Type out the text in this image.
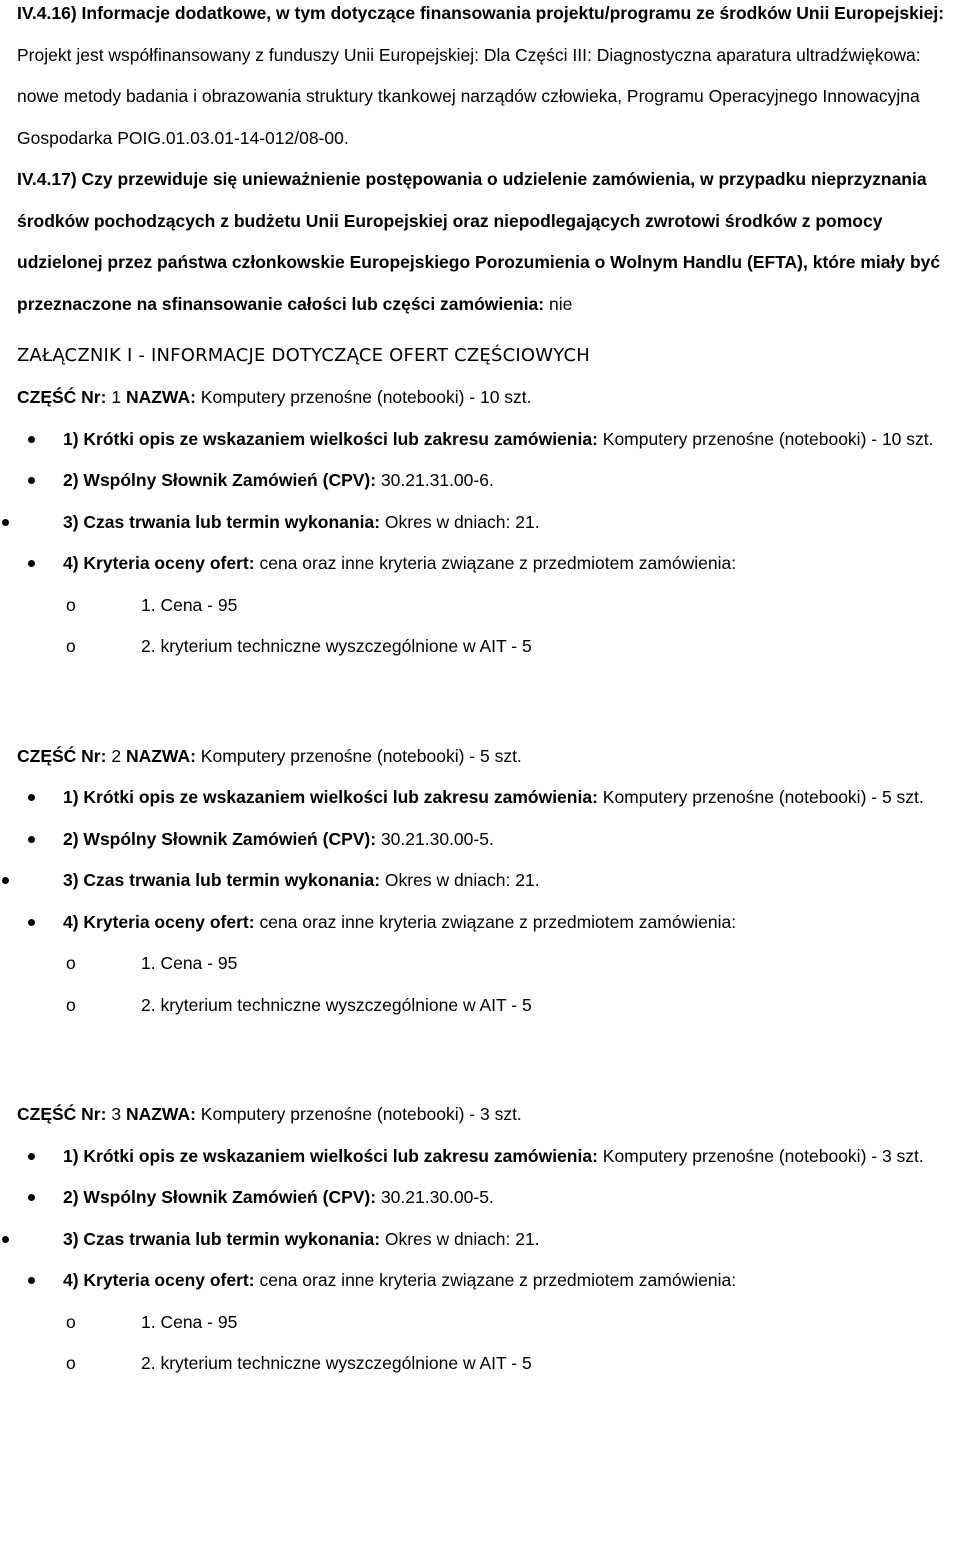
IV.4.16) Informacje dodatkowe, w tym dotyczące finansowania projektu/programu ze środków Unii Europejskiej: Projekt jest współfinansowany z funduszy Unii Europejskiej: Dla Części III: Diagnostyczna aparatura ultradźwiękowa: nowe metody badania i obrazowania struktury tkankowej narządów człowieka, Programu Operacyjnego Innowacyjna Gospodarka POIG.01.03.01-14-012/08-00.

IV.4.17) Czy przewiduje się unieważnienie postępowania o udzielenie zamówienia, w przypadku nieprzyznania środków pochodzących z budżetu Unii Europejskiej oraz niepodlegających zwrotowi środków z pomocy udzielonej przez państwa członkowskie Europejskiego Porozumienia o Wolnym Handlu (EFTA), które miały być przeznaczone na sfinansowanie całości lub części zamówienia: nie

ZAŁĄCZNIK I - INFORMACJE DOTYCZĄCE OFERT CZĘŚCIOWYCH

CZĘŚĆ Nr: 1 NAZWA: Komputery przenośne (notebooki) - 10 szt.

1) Krótki opis ze wskazaniem wielkości lub zakresu zamówienia: Komputery przenośne (notebooki) - 10 szt.
2) Wspólny Słownik Zamówień (CPV): 30.21.31.00-6.
3) Czas trwania lub termin wykonania: Okres w dniach: 21.
4) Kryteria oceny ofert: cena oraz inne kryteria związane z przedmiotem zamówienia:
o	1. Cena - 95
o	2. kryterium techniczne wyszczególnione w AIT - 5

CZĘŚĆ Nr: 2 NAZWA: Komputery przenośne (notebooki) - 5 szt.

1) Krótki opis ze wskazaniem wielkości lub zakresu zamówienia: Komputery przenośne (notebooki) - 5 szt.
2) Wspólny Słownik Zamówień (CPV): 30.21.30.00-5.
3) Czas trwania lub termin wykonania: Okres w dniach: 21.
4) Kryteria oceny ofert: cena oraz inne kryteria związane z przedmiotem zamówienia:
o	1. Cena - 95
o	2. kryterium techniczne wyszczególnione w AIT - 5

CZĘŚĆ Nr: 3 NAZWA: Komputery przenośne (notebooki) - 3 szt.

1) Krótki opis ze wskazaniem wielkości lub zakresu zamówienia: Komputery przenośne (notebooki) - 3 szt.
2) Wspólny Słownik Zamówień (CPV): 30.21.30.00-5.
3) Czas trwania lub termin wykonania: Okres w dniach: 21.
4) Kryteria oceny ofert: cena oraz inne kryteria związane z przedmiotem zamówienia:
o	1. Cena - 95
o	2. kryterium techniczne wyszczególnione w AIT - 5
